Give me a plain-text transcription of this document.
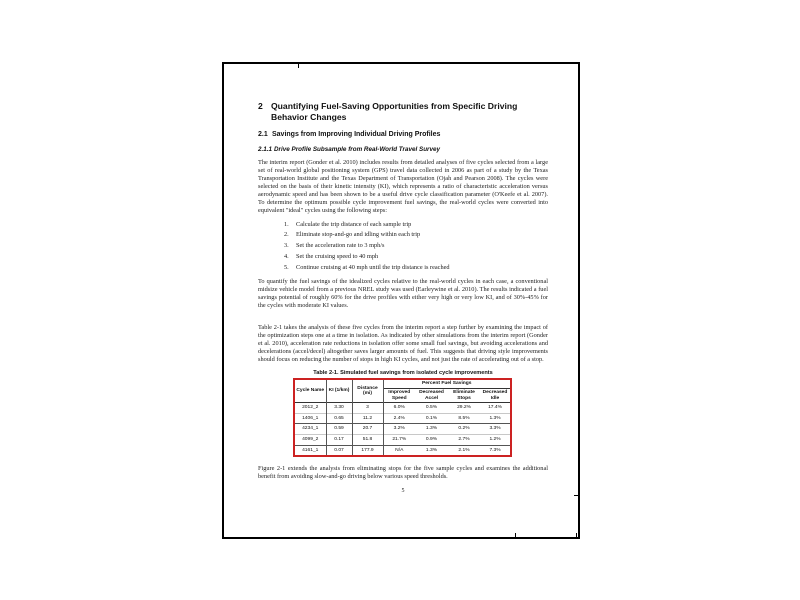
2 Quantifying Fuel-Saving Opportunities from Specific Driving Behavior Changes
2.1 Savings from Improving Individual Driving Profiles
2.1.1 Drive Profile Subsample from Real-World Travel Survey

The interim report (Gonder et al. 2010) includes results from detailed analyses of five cycles selected from a large set of real-world global positioning system (GPS) travel data collected in 2006 as part of a study by the Texas Transportation Institute and the Texas Department of Transportation (Ojah and Pearson 2008). The cycles were selected on the basis of their kinetic intensity (KI), which represents a ratio of characteristic acceleration versus aerodynamic speed and has been shown to be a useful drive cycle classification parameter (O'Keefe et al. 2007). To determine the optimum possible cycle improvement fuel savings, the real-world cycles were converted into equivalent "ideal" cycles using the following steps:

1.	Calculate the trip distance of each sample trip
2.	Eliminate stop-and-go and idling within each trip
3.	Set the acceleration rate to 3 mph/s
4.	Set the cruising speed to 40 mph
5.	Continue cruising at 40 mph until the trip distance is reached

To quantify the fuel savings of the idealized cycles relative to the real-world cycles in each case, a conventional midsize vehicle model from a previous NREL study was used (Earleywine et al. 2010). The results indicated a fuel savings potential of roughly 60% for the drive profiles with either very high or very low KI, and of 30%-45% for the cycles with moderate KI values.

Table 2-1 takes the analysis of these five cycles from the interim report a step further by examining the impact of the optimization steps one at a time in isolation. As indicated by other simulations from the interim report (Gonder et al. 2010), acceleration rate reductions in isolation offer some small fuel savings, but avoiding accelerations and decelerations (accel/decel) altogether saves larger amounts of fuel. This suggests that driving style improvements should focus on reducing the number of stops in high KI cycles, and not just the rate of accelerating out of a stop.

Table 2-1. Simulated fuel savings from isolated cycle improvements
Cycle Name	KI (1/km)	Distance (mi)	Percent Fuel Savings			
			Improved Speed	Decreased Accel	Eliminate Stops	Decreased Idle
2012_2	3.30	3	6.0%	0.5%	29.2%	17.4%
1406_1	0.65	11.2	2.4%	0.1%	8.5%	1.3%
4234_1	0.59	20.7	3.2%	1.3%	0.2%	3.3%
4099_2	0.17	51.8	21.7%	0.9%	2.7%	1.2%
4161_1	0.07	177.9	N/A	1.3%	2.1%	7.3%

Figure 2-1 extends the analysis from eliminating stops for the five sample cycles and examines the additional benefit from avoiding slow-and-go driving below various speed thresholds.

5
